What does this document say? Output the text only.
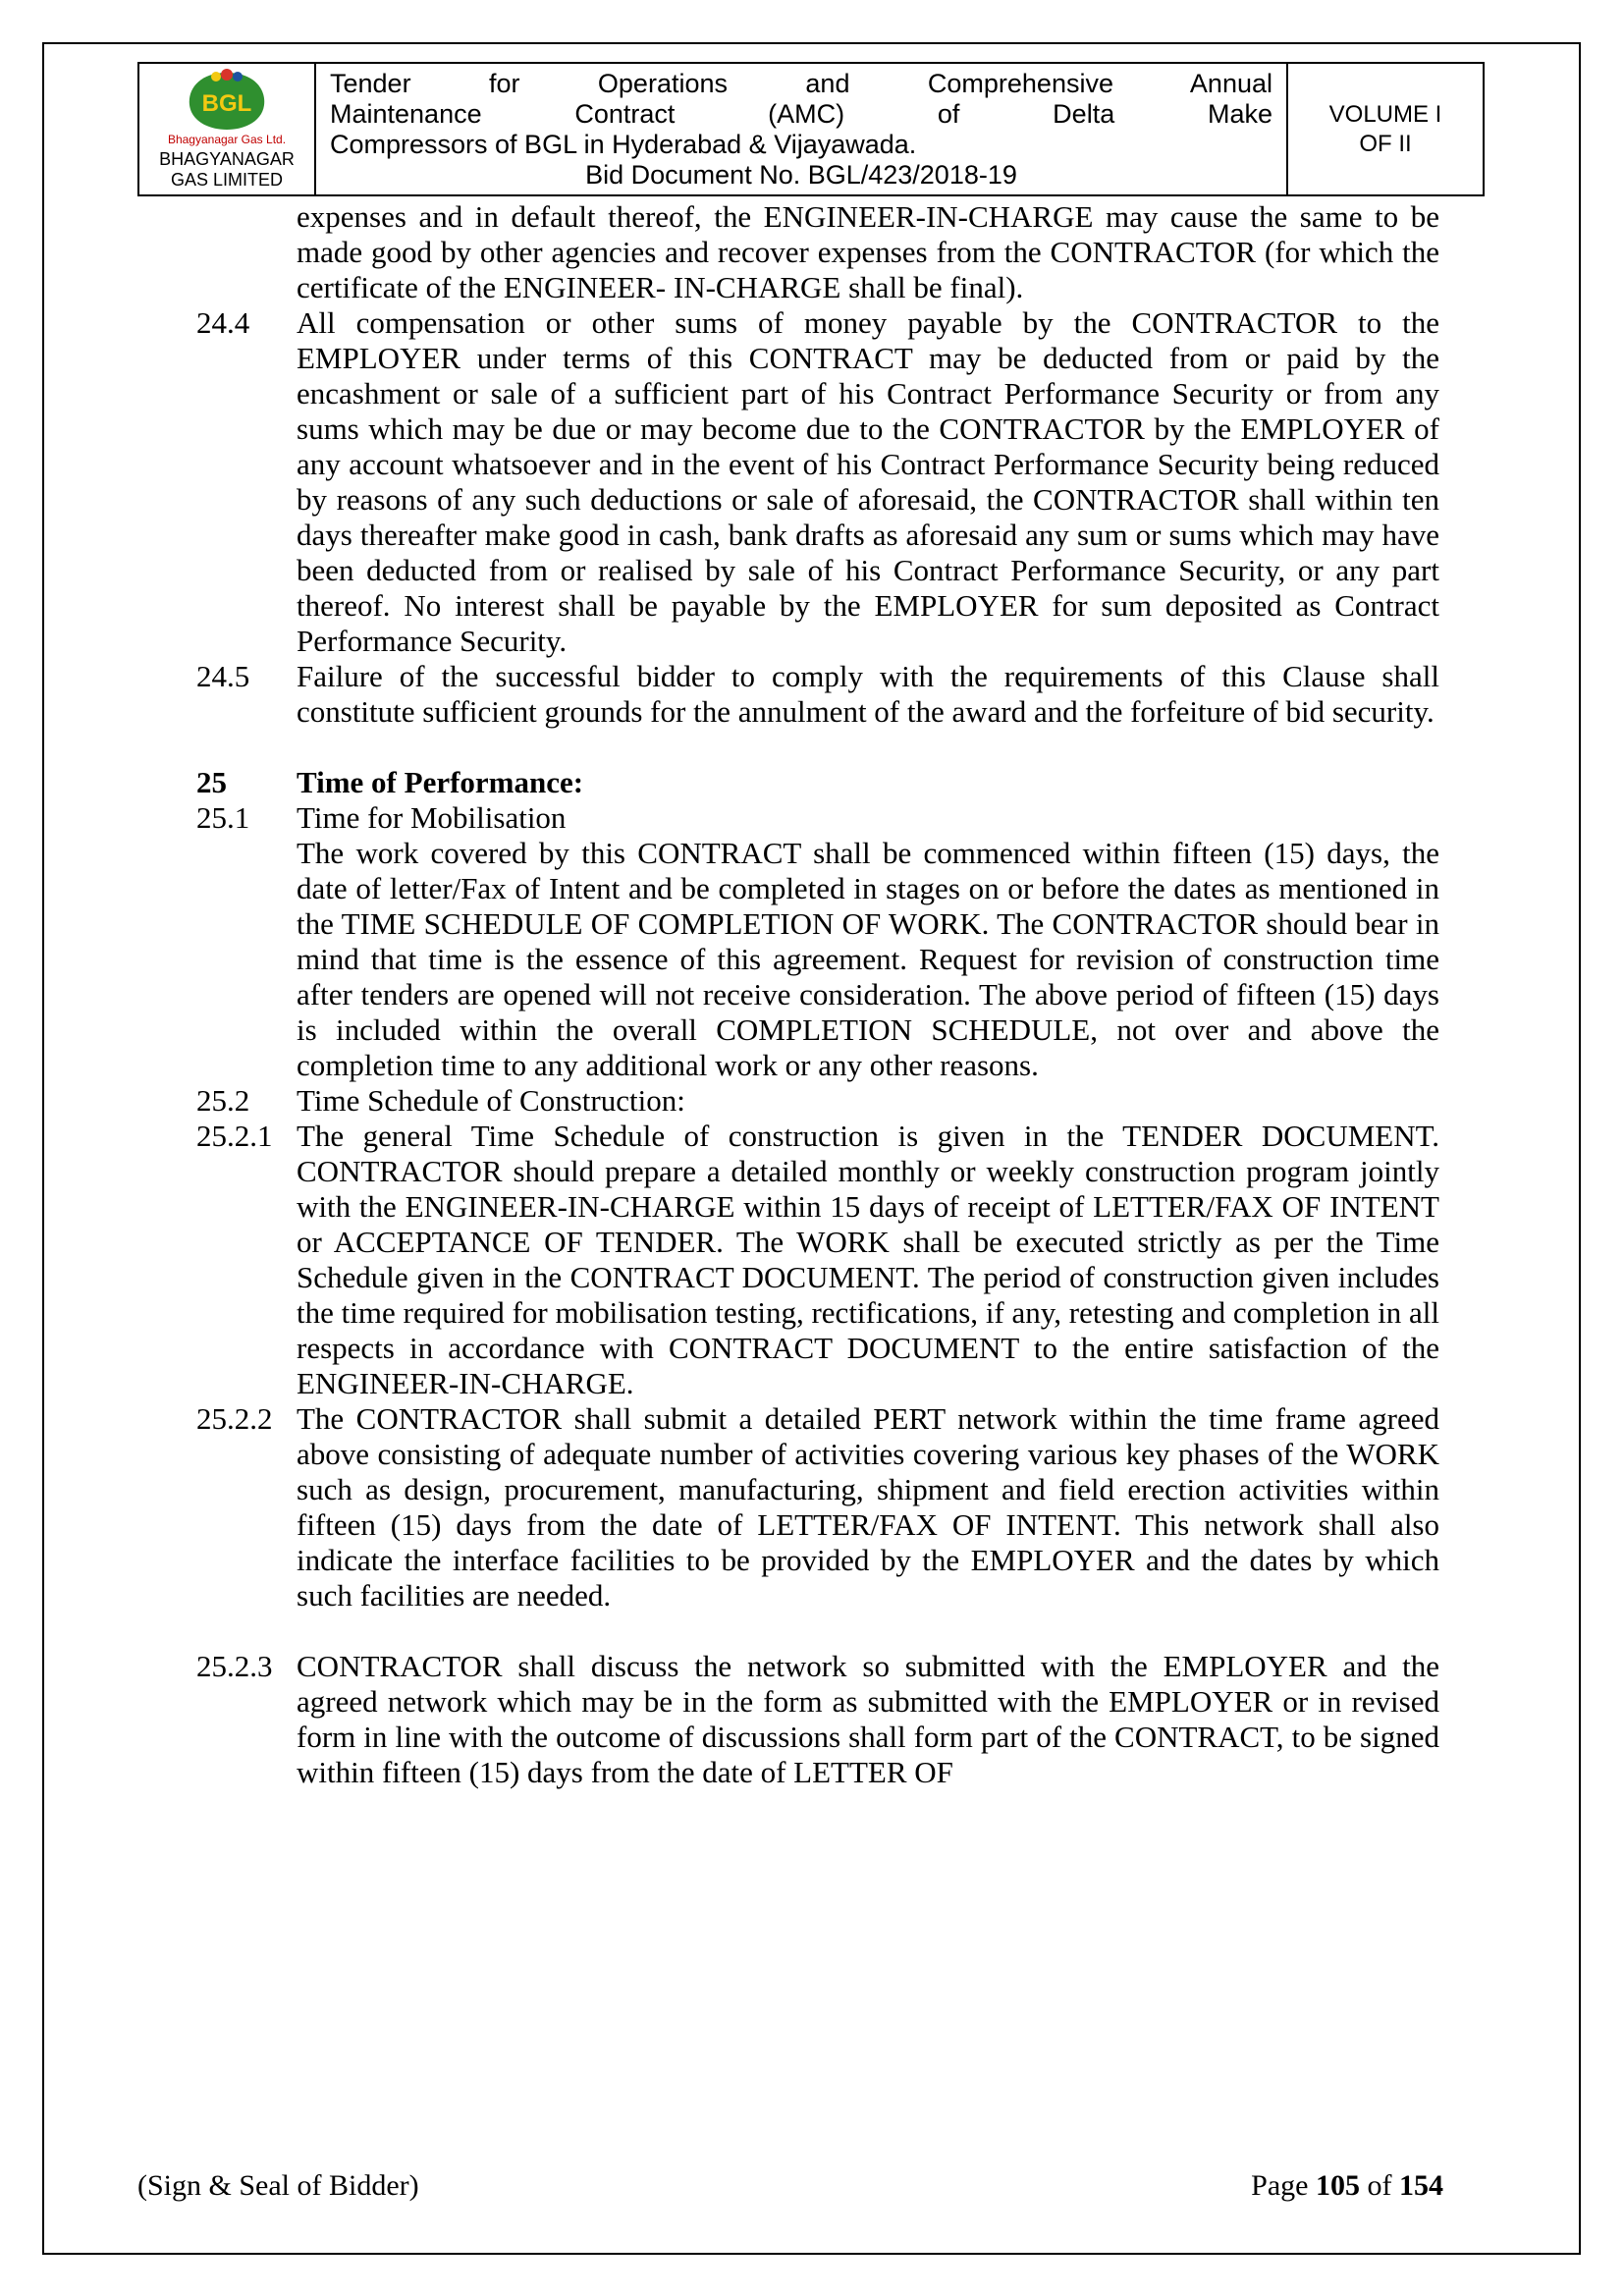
BGL
Bhagyanagar Gas Ltd.
BHAGYANAGAR GAS LIMITED
Tender for Operations and Comprehensive Annual
Maintenance Contract (AMC) of Delta Make
Compressors of BGL in Hyderabad & Vijayawada.
Bid Document No. BGL/423/2018-19
VOLUME I
OF II
expenses and in default thereof, the ENGINEER-IN-CHARGE may cause the same to be made good by other agencies and recover expenses from the CONTRACTOR (for which the certificate of the ENGINEER- IN-CHARGE shall be final).
24.4	All compensation or other sums of money payable by the CONTRACTOR to the EMPLOYER under terms of this CONTRACT may be deducted from or paid by the encashment or sale of a sufficient part of his Contract Performance Security or from any sums which may be due or may become due to the CONTRACTOR by the EMPLOYER of any account whatsoever and in the event of his Contract Performance Security being reduced by reasons of any such deductions or sale of aforesaid, the CONTRACTOR shall within ten days thereafter make good in cash, bank drafts as aforesaid any sum or sums which may have been deducted from or realised by sale of his Contract Performance Security, or any part thereof. No interest shall be payable by the EMPLOYER for sum deposited as Contract Performance Security.
24.5	Failure of the successful bidder to comply with the requirements of this Clause shall constitute sufficient grounds for the annulment of the award and the forfeiture of bid security.
25	Time of Performance:
25.1	Time for Mobilisation
The work covered by this CONTRACT shall be commenced within fifteen (15) days, the date of letter/Fax of Intent and be completed in stages on or before the dates as mentioned in the TIME SCHEDULE OF COMPLETION OF WORK. The CONTRACTOR should bear in mind that time is the essence of this agreement. Request for revision of construction time after tenders are opened will not receive consideration. The above period of fifteen (15) days is included within the overall COMPLETION SCHEDULE, not over and above the completion time to any additional work or any other reasons.
25.2	Time Schedule of Construction:
25.2.1 The general Time Schedule of construction is given in the TENDER DOCUMENT. CONTRACTOR should prepare a detailed monthly or weekly construction program jointly with the ENGINEER-IN-CHARGE within 15 days of receipt of LETTER/FAX OF INTENT or ACCEPTANCE OF TENDER. The WORK shall be executed strictly as per the Time Schedule given in the CONTRACT DOCUMENT. The period of construction given includes the time required for mobilisation testing, rectifications, if any, retesting and completion in all respects in accordance with CONTRACT DOCUMENT to the entire satisfaction of the ENGINEER-IN-CHARGE.
25.2.2 The CONTRACTOR shall submit a detailed PERT network within the time frame agreed above consisting of adequate number of activities covering various key phases of the WORK such as design, procurement, manufacturing, shipment and field erection activities within fifteen (15) days from the date of LETTER/FAX OF INTENT. This network shall also indicate the interface facilities to be provided by the EMPLOYER and the dates by which such facilities are needed.
25.2.3 CONTRACTOR shall discuss the network so submitted with the EMPLOYER and the agreed network which may be in the form as submitted with the EMPLOYER or in revised form in line with the outcome of discussions shall form part of the CONTRACT, to be signed within fifteen (15) days from the date of LETTER OF
(Sign & Seal of Bidder)	Page 105 of 154
